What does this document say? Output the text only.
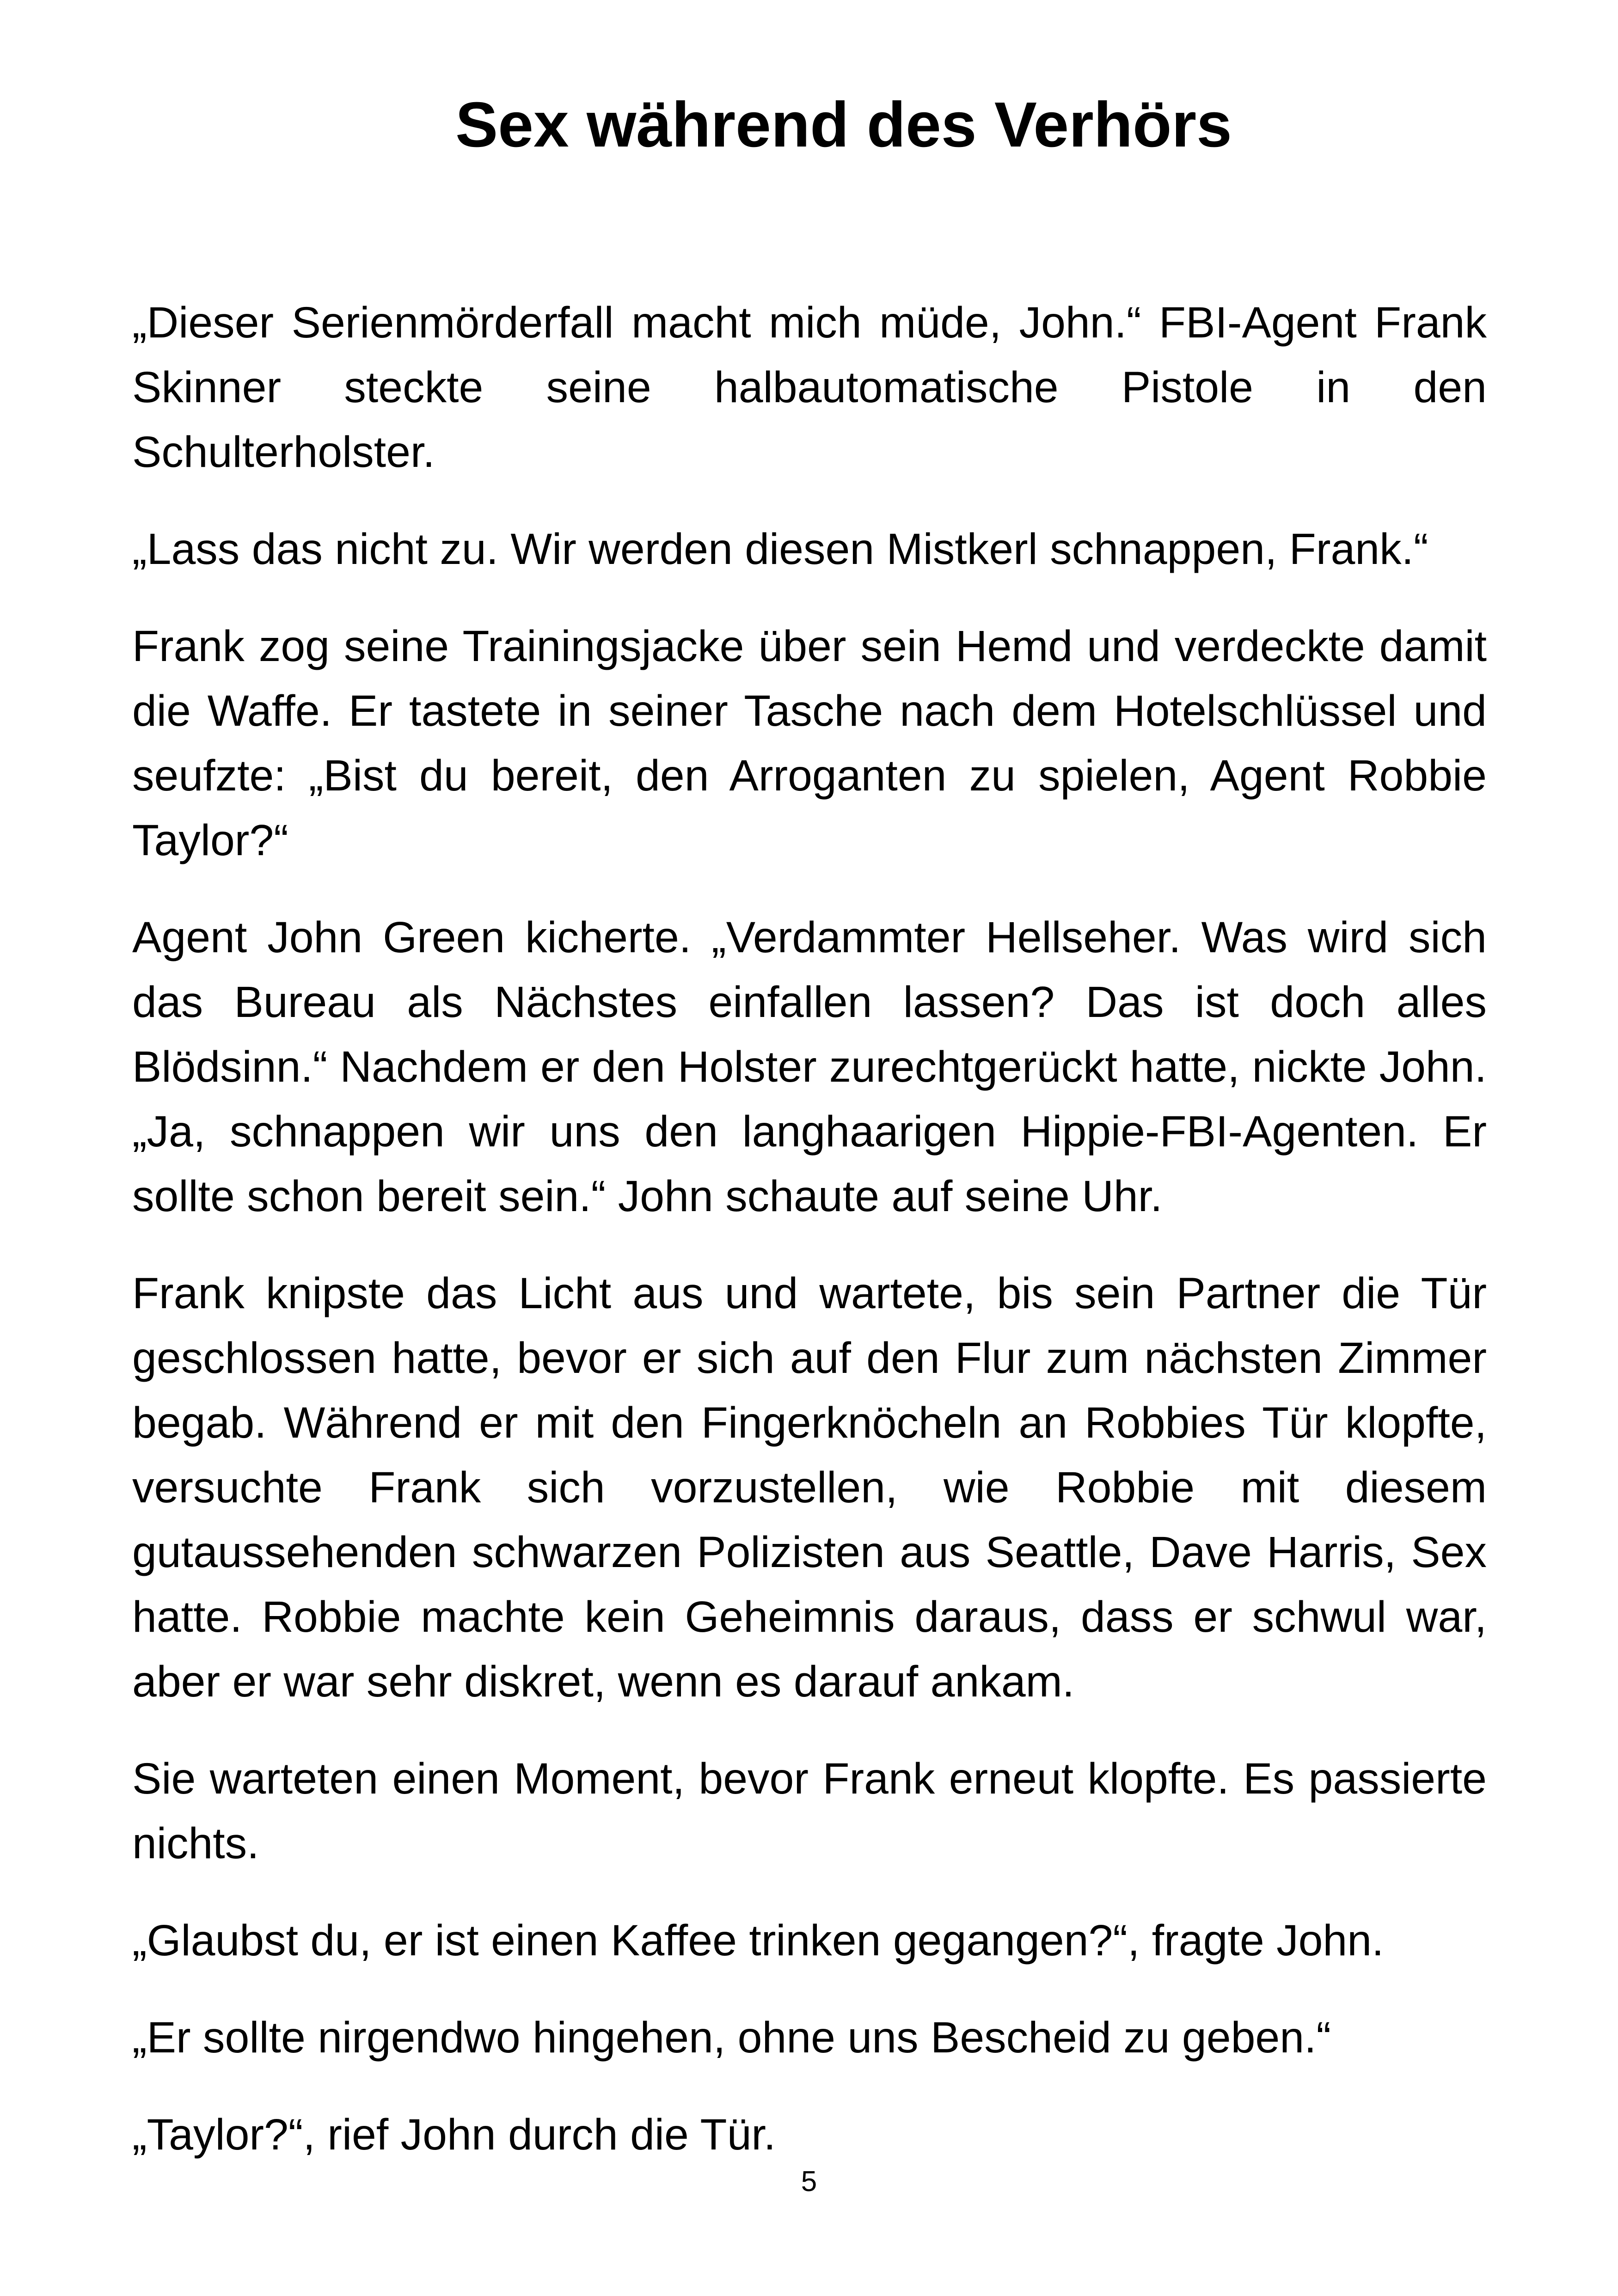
Sex während des Verhörs

„Dieser Serienmörderfall macht mich müde, John.“ FBI-Agent Frank Skinner steckte seine halbautomatische Pistole in den Schulterholster.

„Lass das nicht zu. Wir werden diesen Mistkerl schnappen, Frank.“

Frank zog seine Trainingsjacke über sein Hemd und verdeckte damit die Waffe. Er tastete in seiner Tasche nach dem Hotelschlüssel und seufzte: „Bist du bereit, den Arroganten zu spielen, Agent Robbie Taylor?“

Agent John Green kicherte. „Verdammter Hellseher. Was wird sich das Bureau als Nächstes einfallen lassen? Das ist doch alles Blödsinn.“ Nachdem er den Holster zurechtgerückt hatte, nickte John. „Ja, schnappen wir uns den langhaarigen Hippie-FBI-Agenten. Er sollte schon bereit sein.“ John schaute auf seine Uhr.

Frank knipste das Licht aus und wartete, bis sein Partner die Tür geschlossen hatte, bevor er sich auf den Flur zum nächsten Zimmer begab. Während er mit den Fingerknöcheln an Robbies Tür klopfte, versuchte Frank sich vorzustellen, wie Robbie mit diesem gutaussehenden schwarzen Polizisten aus Seattle, Dave Harris, Sex hatte. Robbie machte kein Geheimnis daraus, dass er schwul war, aber er war sehr diskret, wenn es darauf ankam.

Sie warteten einen Moment, bevor Frank erneut klopfte. Es passierte nichts.

„Glaubst du, er ist einen Kaffee trinken gegangen?“, fragte John.

„Er sollte nirgendwo hingehen, ohne uns Bescheid zu geben.“

„Taylor?“, rief John durch die Tür.

5
